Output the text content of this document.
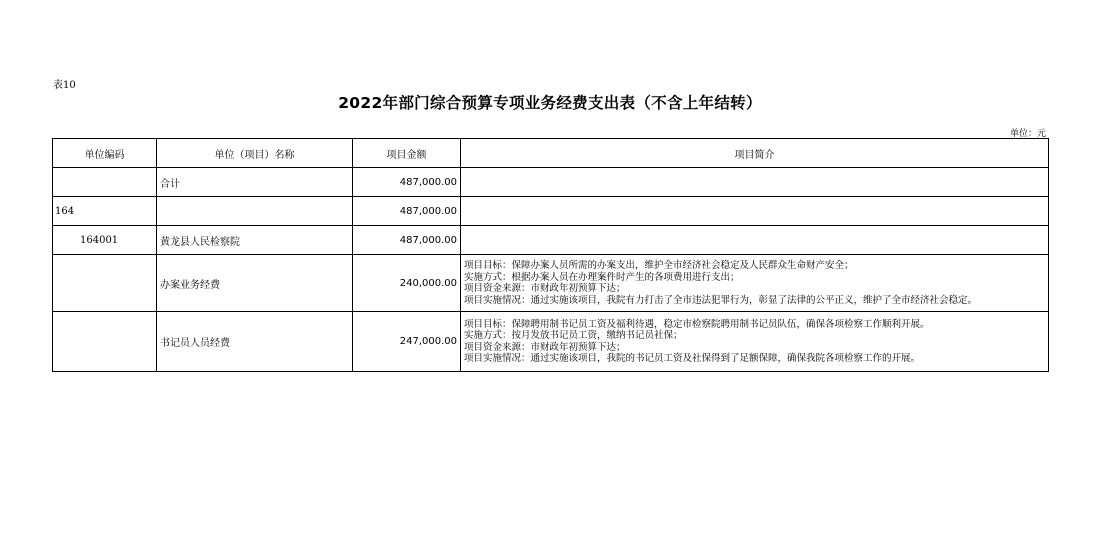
表10
2022年部门综合预算专项业务经费支出表（不含上年结转）
单位：元
单位编码	单位（项目）名称	项目金额	项目简介
	合计	487,000.00	
164		487,000.00	
164001	黄龙县人民检察院	487,000.00	
	办案业务经费	240,000.00	项目目标：保障办案人员所需的办案支出，维护全市经济社会稳定及人民群众生命财产安全；
实施方式：根据办案人员在办理案件时产生的各项费用进行支出；
项目资金来源：市财政年初预算下达；
项目实施情况：通过实施该项目，我院有力打击了全市违法犯罪行为，彰显了法律的公平正义，维护了全市经济社会稳定。

	书记员人员经费	247,000.00	项目目标：保障聘用制书记员工资及福利待遇，稳定市检察院聘用制书记员队伍，确保各项检察工作顺利开展。
实施方式：按月发放书记员工资，缴纳书记员社保；
项目资金来源：市财政年初预算下达；
项目实施情况：通过实施该项目，我院的书记员工资及社保得到了足额保障，确保我院各项检察工作的开展。
